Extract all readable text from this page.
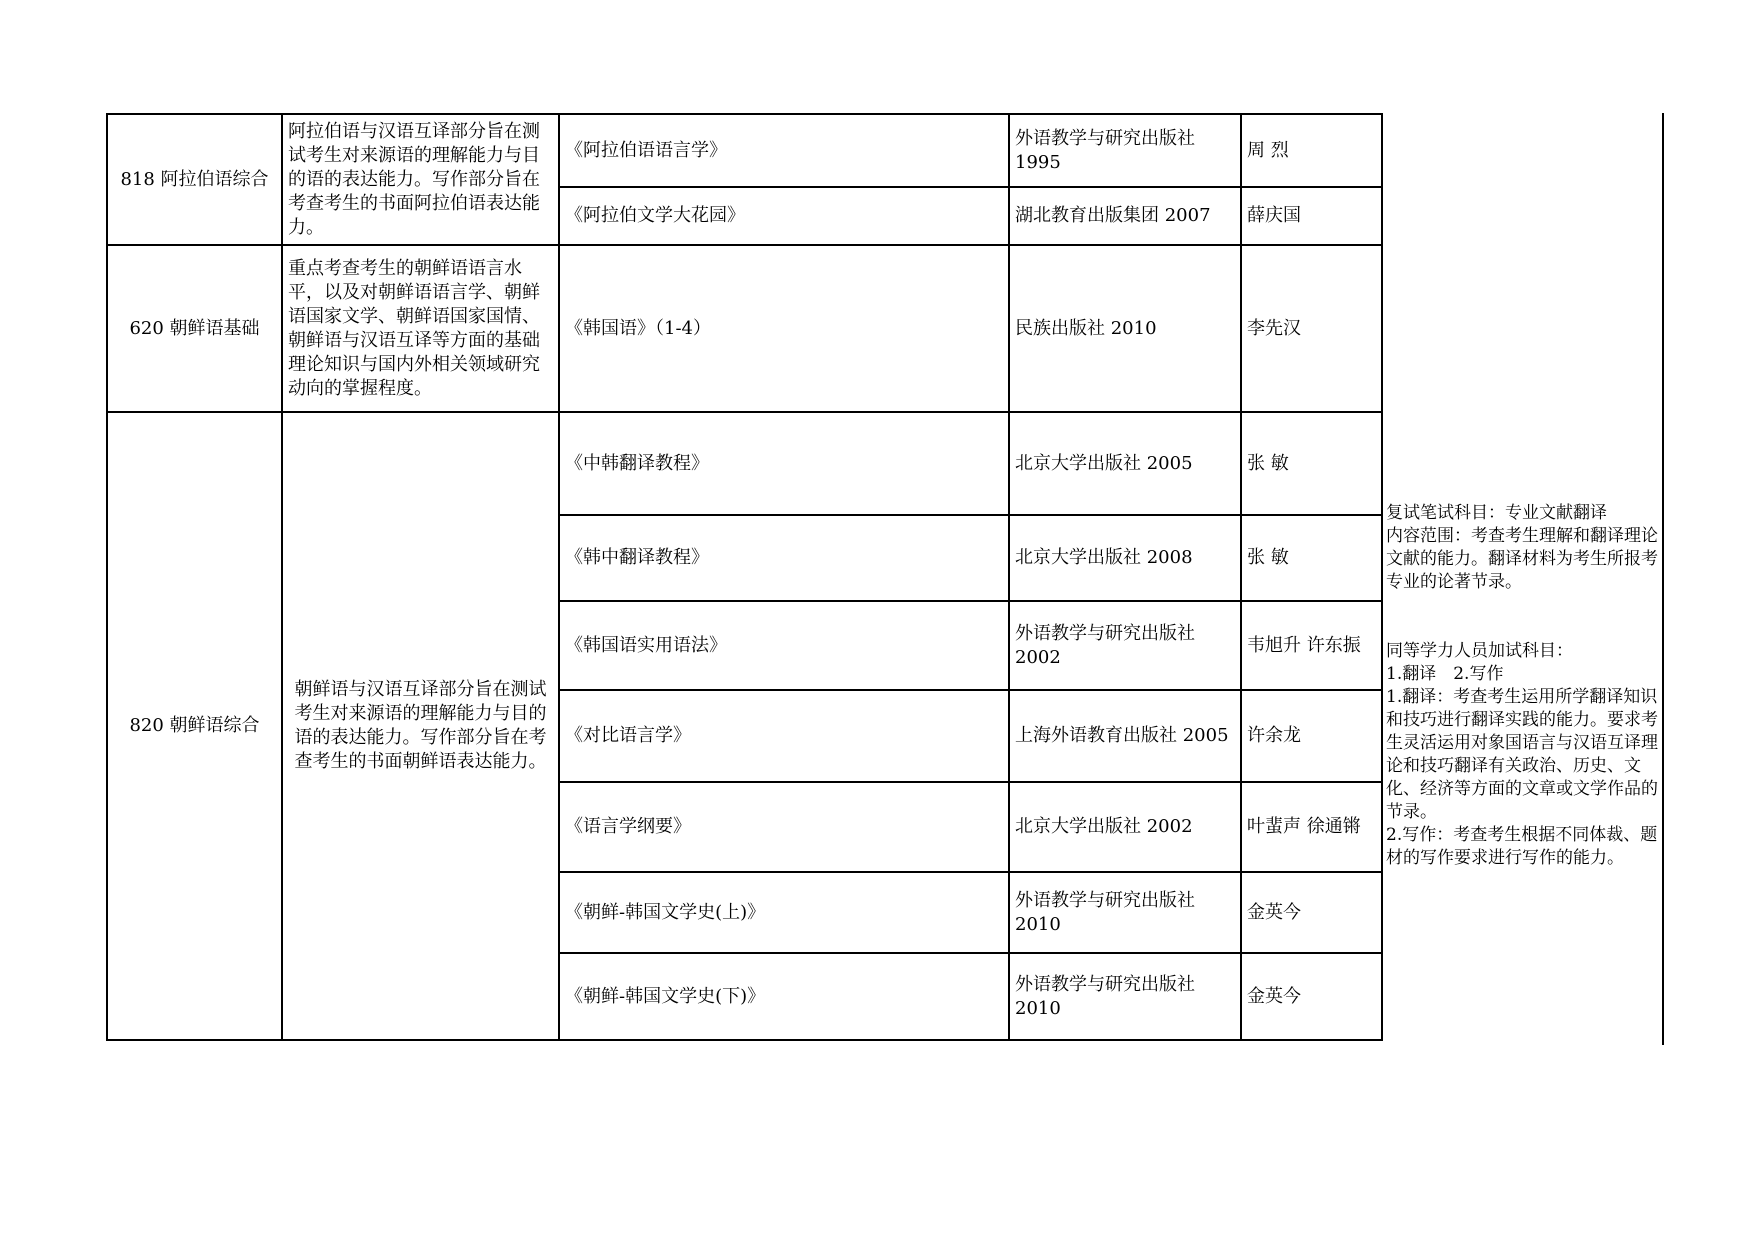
818 阿拉伯语综合	阿拉伯语与汉语互译部分旨在测试考生对来源语的理解能力与目的语的表达能力。写作部分旨在考查考生的书面阿拉伯语表达能力。	《阿拉伯语语言学》	外语教学与研究出版社 1995	周 烈
		《阿拉伯文学大花园》	湖北教育出版集团 2007	薛庆国
620 朝鲜语基础	重点考查考生的朝鲜语语言水平，以及对朝鲜语语言学、朝鲜语国家文学、朝鲜语国家国情、朝鲜语与汉语互译等方面的基础理论知识与国内外相关领域研究动向的掌握程度。	《韩国语》（1-4）	民族出版社 2010	李先汉
820 朝鲜语综合	朝鲜语与汉语互译部分旨在测试考生对来源语的理解能力与目的语的表达能力。写作部分旨在考查考生的书面朝鲜语表达能力。	《中韩翻译教程》	北京大学出版社 2005	张 敏
		《韩中翻译教程》	北京大学出版社 2008	张 敏
		《韩国语实用语法》	外语教学与研究出版社 2002	韦旭升 许东振
		《对比语言学》	上海外语教育出版社 2005	许余龙
		《语言学纲要》	北京大学出版社 2002	叶蜚声 徐通锵
		《朝鲜-韩国文学史(上)》	外语教学与研究出版社 2010	金英今
		《朝鲜-韩国文学史(下)》	外语教学与研究出版社 2010	金英今

复试笔试科目：专业文献翻译

内容范围：考查考生理解和翻译理论文献的能力。翻译材料为考生所报考专业的论著节录。

同等学力人员加试科目：

1.翻译　2.写作

1.翻译：考查考生运用所学翻译知识和技巧进行翻译实践的能力。要求考生灵活运用对象国语言与汉语互译理论和技巧翻译有关政治、历史、文化、经济等方面的文章或文学作品的节录。

2.写作：考查考生根据不同体裁、题材的写作要求进行写作的能力。
